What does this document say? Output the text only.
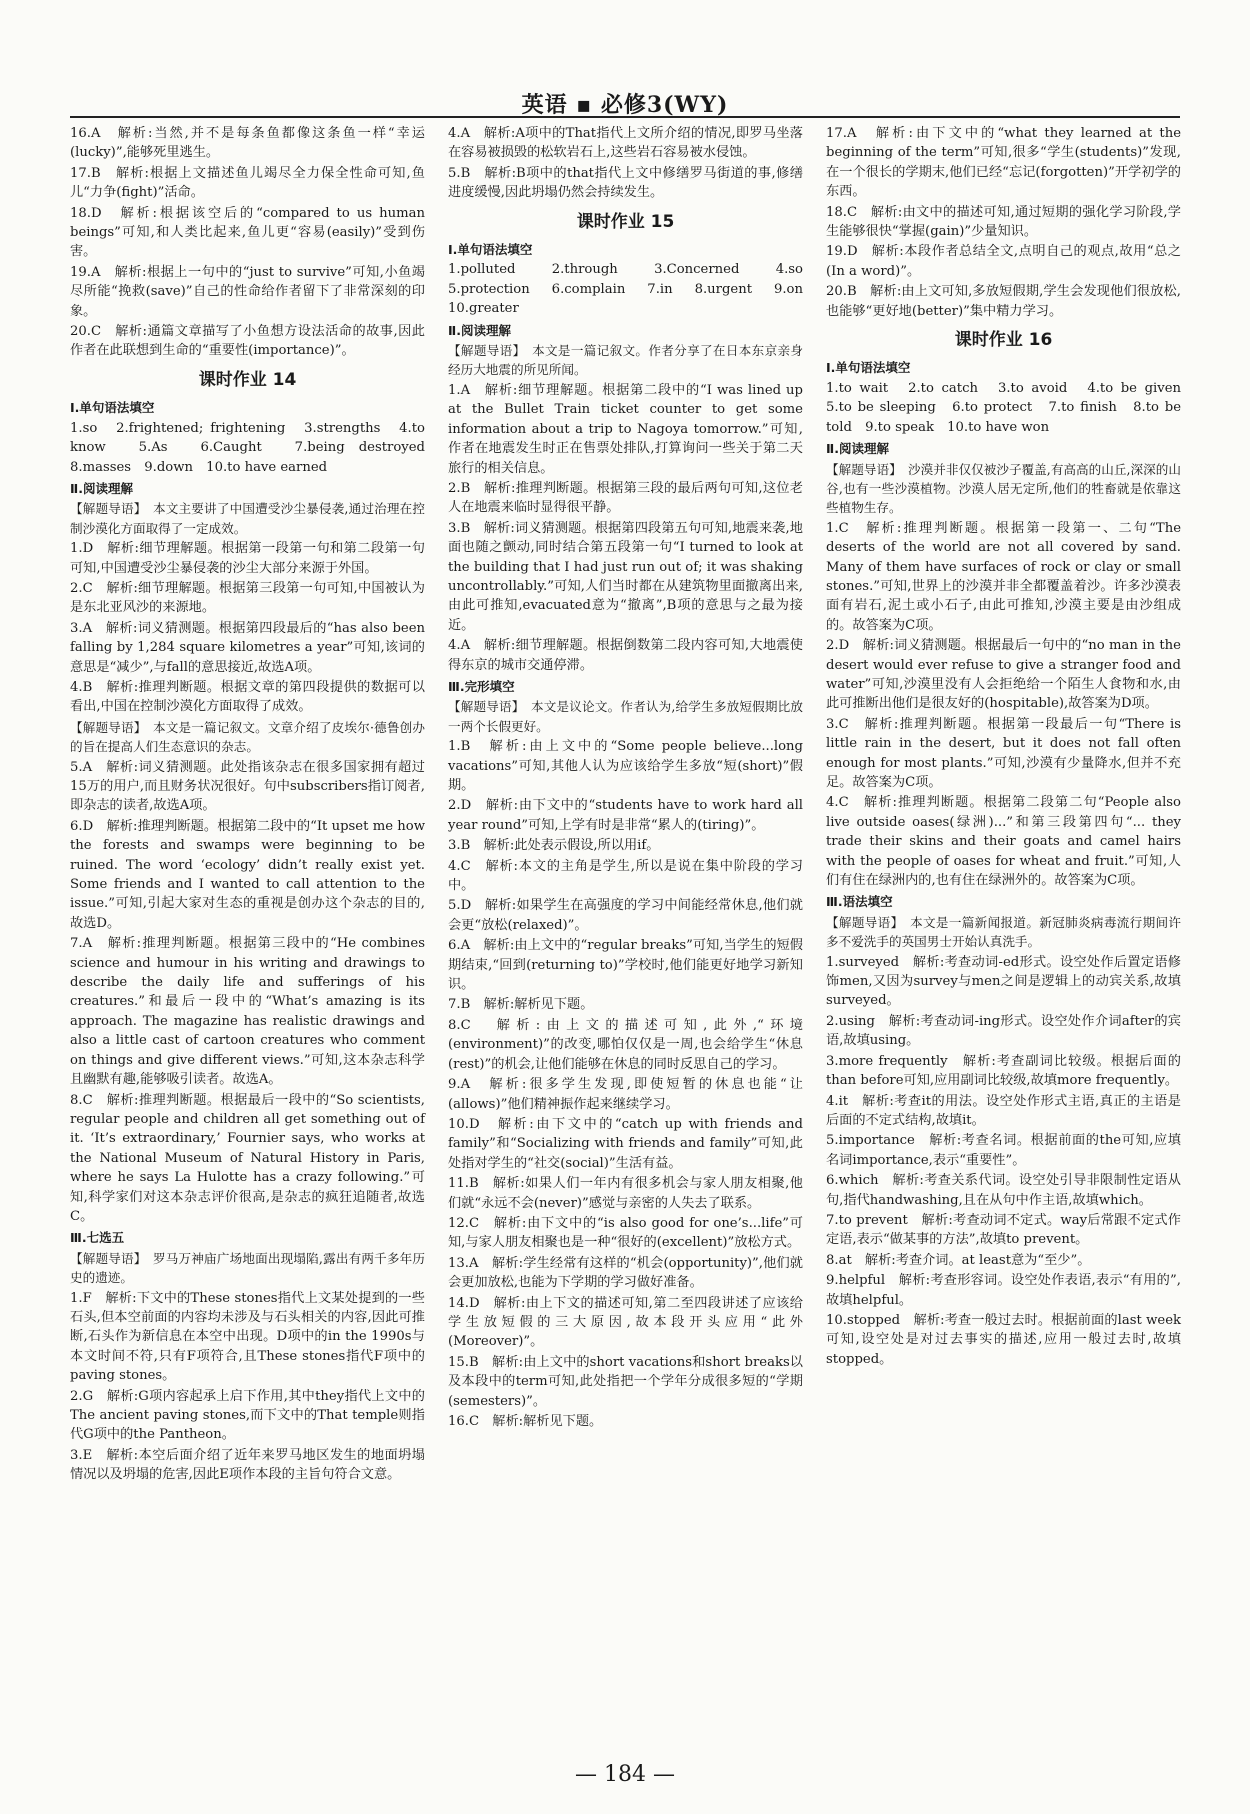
英语 ▪ 必修3(WY)

16.A　解析:当然,并不是每条鱼都像这条鱼一样“幸运(lucky)”,能够死里逃生。

17.B　解析:根据上文描述鱼儿竭尽全力保全性命可知,鱼儿“力争(fight)”活命。

18.D　解析:根据该空后的“compared to us human beings”可知,和人类比起来,鱼儿更“容易(easily)”受到伤害。

19.A　解析:根据上一句中的“just to survive”可知,小鱼竭尽所能“挽救(save)”自己的性命给作者留下了非常深刻的印象。

20.C　解析:通篇文章描写了小鱼想方设法活命的故事,因此作者在此联想到生命的“重要性(importance)”。

课时作业 14

Ⅰ.单句语法填空

1.so　2.frightened; frightening　3.strengths　4.to know　5.As　6.Caught　7.being destroyed　8.masses　9.down　10.to have earned

Ⅱ.阅读理解

【解题导语】　本文主要讲了中国遭受沙尘暴侵袭,通过治理在控制沙漠化方面取得了一定成效。

1.D　解析:细节理解题。根据第一段第一句和第二段第一句可知,中国遭受沙尘暴侵袭的沙尘大部分来源于外国。

2.C　解析:细节理解题。根据第三段第一句可知,中国被认为是东北亚风沙的来源地。

3.A　解析:词义猜测题。根据第四段最后的“has also been falling by 1,284 square kilometres a year”可知,该词的意思是“减少”,与fall的意思接近,故选A项。

4.B　解析:推理判断题。根据文章的第四段提供的数据可以看出,中国在控制沙漠化方面取得了成效。

【解题导语】　本文是一篇记叙文。文章介绍了皮埃尔·德鲁创办的旨在提高人们生态意识的杂志。

5.A　解析:词义猜测题。此处指该杂志在很多国家拥有超过15万的用户,而且财务状况很好。句中subscribers指订阅者,即杂志的读者,故选A项。

6.D　解析:推理判断题。根据第二段中的“It upset me how the forests and swamps were beginning to be ruined. The word ‘ecology’ didn’t really exist yet. Some friends and I wanted to call attention to the issue.”可知,引起大家对生态的重视是创办这个杂志的目的,故选D。

7.A　解析:推理判断题。根据第三段中的“He combines science and humour in his writing and drawings to describe the daily life and sufferings of his creatures.”和最后一段中的“What’s amazing is its approach. The magazine has realistic drawings and also a little cast of cartoon creatures who comment on things and give different views.”可知,这本杂志科学且幽默有趣,能够吸引读者。故选A。

8.C　解析:推理判断题。根据最后一段中的“So scientists, regular people and children all get something out of it. ‘It’s extraordinary,’ Fournier says, who works at the National Museum of Natural History in Paris, where he says La Hulotte has a crazy following.”可知,科学家们对这本杂志评价很高,是杂志的疯狂追随者,故选C。

Ⅲ.七选五

【解题导语】　罗马万神庙广场地面出现塌陷,露出有两千多年历史的遗迹。

1.F　解析:下文中的These stones指代上文某处提到的一些石头,但本空前面的内容均未涉及与石头相关的内容,因此可推断,石头作为新信息在本空中出现。D项中的in the 1990s与本文时间不符,只有F项符合,且These stones指代F项中的paving stones。

2.G　解析:G项内容起承上启下作用,其中they指代上文中的The ancient paving stones,而下文中的That temple则指代G项中的the Pantheon。

3.E　解析:本空后面介绍了近年来罗马地区发生的地面坍塌情况以及坍塌的危害,因此E项作本段的主旨句符合文意。

4.A　解析:A项中的That指代上文所介绍的情况,即罗马坐落在容易被损毁的松软岩石上,这些岩石容易被水侵蚀。

5.B　解析:B项中的that指代上文中修缮罗马街道的事,修缮进度缓慢,因此坍塌仍然会持续发生。

课时作业 15

Ⅰ.单句语法填空

1.polluted　2.through　3.Concerned　4.so　5.protection　6.complain　7.in　8.urgent　9.on　10.greater

Ⅱ.阅读理解

【解题导语】　本文是一篇记叙文。作者分享了在日本东京亲身经历大地震的所见所闻。

1.A　解析:细节理解题。根据第二段中的“I was lined up at the Bullet Train ticket counter to get some information about a trip to Nagoya tomorrow.”可知,作者在地震发生时正在售票处排队,打算询问一些关于第二天旅行的相关信息。

2.B　解析:推理判断题。根据第三段的最后两句可知,这位老人在地震来临时显得很平静。

3.B　解析:词义猜测题。根据第四段第五句可知,地震来袭,地面也随之颤动,同时结合第五段第一句“I turned to look at the building that I had just run out of; it was shaking uncontrollably.”可知,人们当时都在从建筑物里面撤离出来,由此可推知,evacuated意为“撤离”,B项的意思与之最为接近。

4.A　解析:细节理解题。根据倒数第二段内容可知,大地震使得东京的城市交通停滞。

Ⅲ.完形填空

【解题导语】　本文是议论文。作者认为,给学生多放短假期比放一两个长假更好。

1.B　解析:由上文中的“Some people believe...long vacations”可知,其他人认为应该给学生多放“短(short)”假期。

2.D　解析:由下文中的“students have to work hard all year round”可知,上学有时是非常“累人的(tiring)”。

3.B　解析:此处表示假设,所以用if。

4.C　解析:本文的主角是学生,所以是说在集中阶段的学习中。

5.D　解析:如果学生在高强度的学习中间能经常休息,他们就会更“放松(relaxed)”。

6.A　解析:由上文中的“regular breaks”可知,当学生的短假期结束,“回到(returning to)”学校时,他们能更好地学习新知识。

7.B　解析:解析见下题。

8.C　解析:由上文的描述可知,此外,“环境(environment)”的改变,哪怕仅仅是一周,也会给学生“休息(rest)”的机会,让他们能够在休息的同时反思自己的学习。

9.A　解析:很多学生发现,即使短暂的休息也能“让(allows)”他们精神振作起来继续学习。

10.D　解析:由下文中的“catch up with friends and family”和“Socializing with friends and family”可知,此处指对学生的“社交(social)”生活有益。

11.B　解析:如果人们一年内有很多机会与家人朋友相聚,他们就“永远不会(never)”感觉与亲密的人失去了联系。

12.C　解析:由下文中的“is also good for one’s...life”可知,与家人朋友相聚也是一种“很好的(excellent)”放松方式。

13.A　解析:学生经常有这样的“机会(opportunity)”,他们就会更加放松,也能为下学期的学习做好准备。

14.D　解析:由上下文的描述可知,第二至四段讲述了应该给学生放短假的三大原因,故本段开头应用“此外(Moreover)”。

15.B　解析:由上文中的short vacations和short breaks以及本段中的term可知,此处指把一个学年分成很多短的“学期(semesters)”。

16.C　解析:解析见下题。

17.A　解析:由下文中的“what they learned at the beginning of the term”可知,很多“学生(students)”发现,在一个很长的学期末,他们已经“忘记(forgotten)”开学初学的东西。

18.C　解析:由文中的描述可知,通过短期的强化学习阶段,学生能够很快“掌握(gain)”少量知识。

19.D　解析:本段作者总结全文,点明自己的观点,故用“总之(In a word)”。

20.B　解析:由上文可知,多放短假期,学生会发现他们很放松,也能够“更好地(better)”集中精力学习。

课时作业 16

Ⅰ.单句语法填空

1.to wait　2.to catch　3.to avoid　4.to be given　5.to be sleeping　6.to protect　7.to finish　8.to be told　9.to speak　10.to have won

Ⅱ.阅读理解

【解题导语】　沙漠并非仅仅被沙子覆盖,有高高的山丘,深深的山谷,也有一些沙漠植物。沙漠人居无定所,他们的牲畜就是依靠这些植物生存。

1.C　解析:推理判断题。根据第一段第一、二句“The deserts of the world are not all covered by sand. Many of them have surfaces of rock or clay or small stones.”可知,世界上的沙漠并非全都覆盖着沙。许多沙漠表面有岩石,泥土或小石子,由此可推知,沙漠主要是由沙组成的。故答案为C项。

2.D　解析:词义猜测题。根据最后一句中的“no man in the desert would ever refuse to give a stranger food and water”可知,沙漠里没有人会拒绝给一个陌生人食物和水,由此可推断出他们是很友好的(hospitable),故答案为D项。

3.C　解析:推理判断题。根据第一段最后一句“There is little rain in the desert, but it does not fall often enough for most plants.”可知,沙漠有少量降水,但并不充足。故答案为C项。

4.C　解析:推理判断题。根据第二段第二句“People also live outside oases(绿洲)...”和第三段第四句“... they trade their skins and their goats and camel hairs with the people of oases for wheat and fruit.”可知,人们有住在绿洲内的,也有住在绿洲外的。故答案为C项。

Ⅲ.语法填空

【解题导语】　本文是一篇新闻报道。新冠肺炎病毒流行期间许多不爱洗手的英国男士开始认真洗手。

1.surveyed　解析:考查动词-ed形式。设空处作后置定语修饰men,又因为survey与men之间是逻辑上的动宾关系,故填surveyed。

2.using　解析:考查动词-ing形式。设空处作介词after的宾语,故填using。

3.more frequently　解析:考查副词比较级。根据后面的than before可知,应用副词比较级,故填more frequently。

4.it　解析:考查it的用法。设空处作形式主语,真正的主语是后面的不定式结构,故填it。

5.importance　解析:考查名词。根据前面的the可知,应填名词importance,表示“重要性”。

6.which　解析:考查关系代词。设空处引导非限制性定语从句,指代handwashing,且在从句中作主语,故填which。

7.to prevent　解析:考查动词不定式。way后常跟不定式作定语,表示“做某事的方法”,故填to prevent。

8.at　解析:考查介词。at least意为“至少”。

9.helpful　解析:考查形容词。设空处作表语,表示“有用的”,故填helpful。

10.stopped　解析:考查一般过去时。根据前面的last week可知,设空处是对过去事实的描述,应用一般过去时,故填stopped。

— 184 —
